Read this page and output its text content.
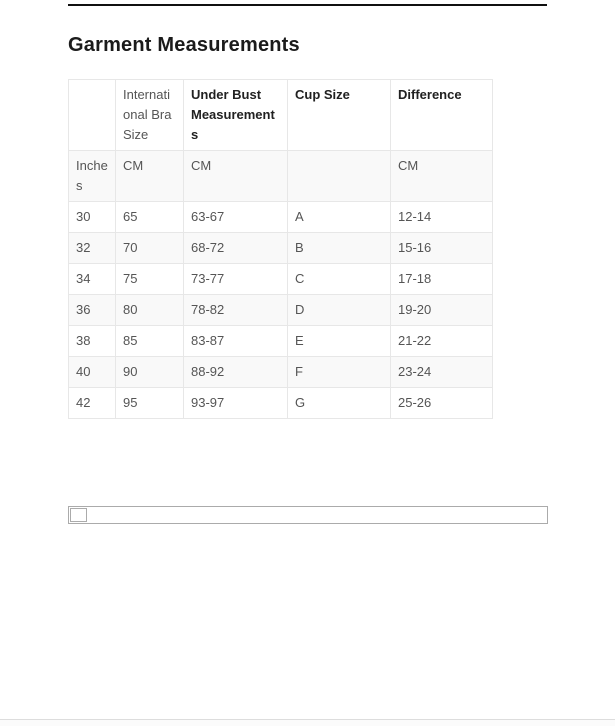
Garment Measurements
	International Bra Size	Under Bust Measurements	Cup Size	Difference
Inches	CM	CM		CM
30	65	63-67	A	12-14
32	70	68-72	B	15-16
34	75	73-77	C	17-18
36	80	78-82	D	19-20
38	85	83-87	E	21-22
40	90	88-92	F	23-24
42	95	93-97	G	25-26
